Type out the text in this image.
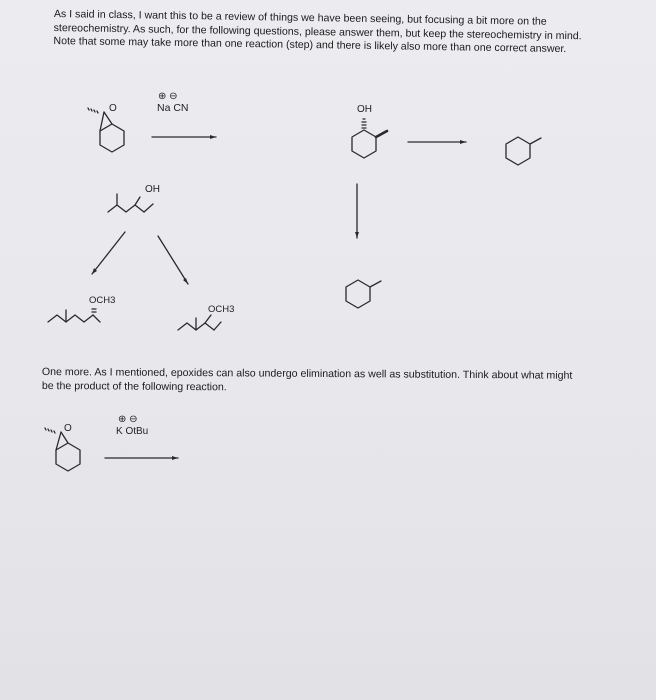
As I said in class, I want this to be a review of things we have been seeing, but focusing a bit more on the stereochemistry. As such, for the following questions, please answer them, but keep the stereochemistry in mind. Note that some may take more than one reaction (step) and there is likely also more than one correct answer.

O
⊕ ⊖
Na CN	OH
OH
OCH3
OCH3
O
⊕ ⊖
K OtBu

One more. As I mentioned, epoxides can also undergo elimination as well as substitution. Think about what might be the product of the following reaction.
